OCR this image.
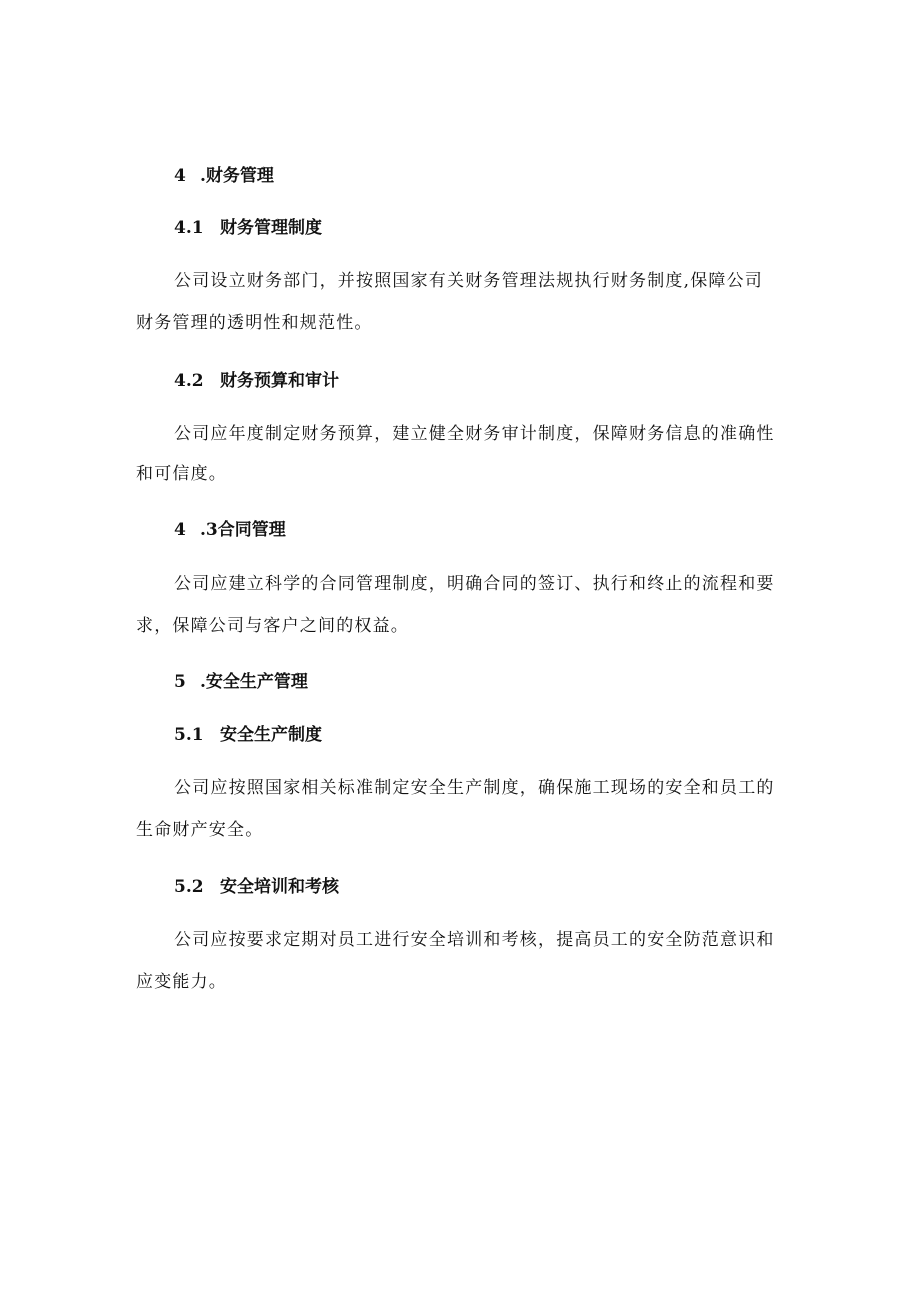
4 .财务管理
4.1 财务管理制度
公司设立财务部门，并按照国家有关财务管理法规执行财务制度,保障公司
财务管理的透明性和规范性。
4.2 财务预算和审计
公司应年度制定财务预算，建立健全财务审计制度，保障财务信息的准确性
和可信度。
4 .3合同管理
公司应建立科学的合同管理制度，明确合同的签订、执行和终止的流程和要
求，保障公司与客户之间的权益。
5 .安全生产管理
5.1 安全生产制度
公司应按照国家相关标准制定安全生产制度，确保施工现场的安全和员工的
生命财产安全。
5.2 安全培训和考核
公司应按要求定期对员工进行安全培训和考核，提高员工的安全防范意识和
应变能力。
